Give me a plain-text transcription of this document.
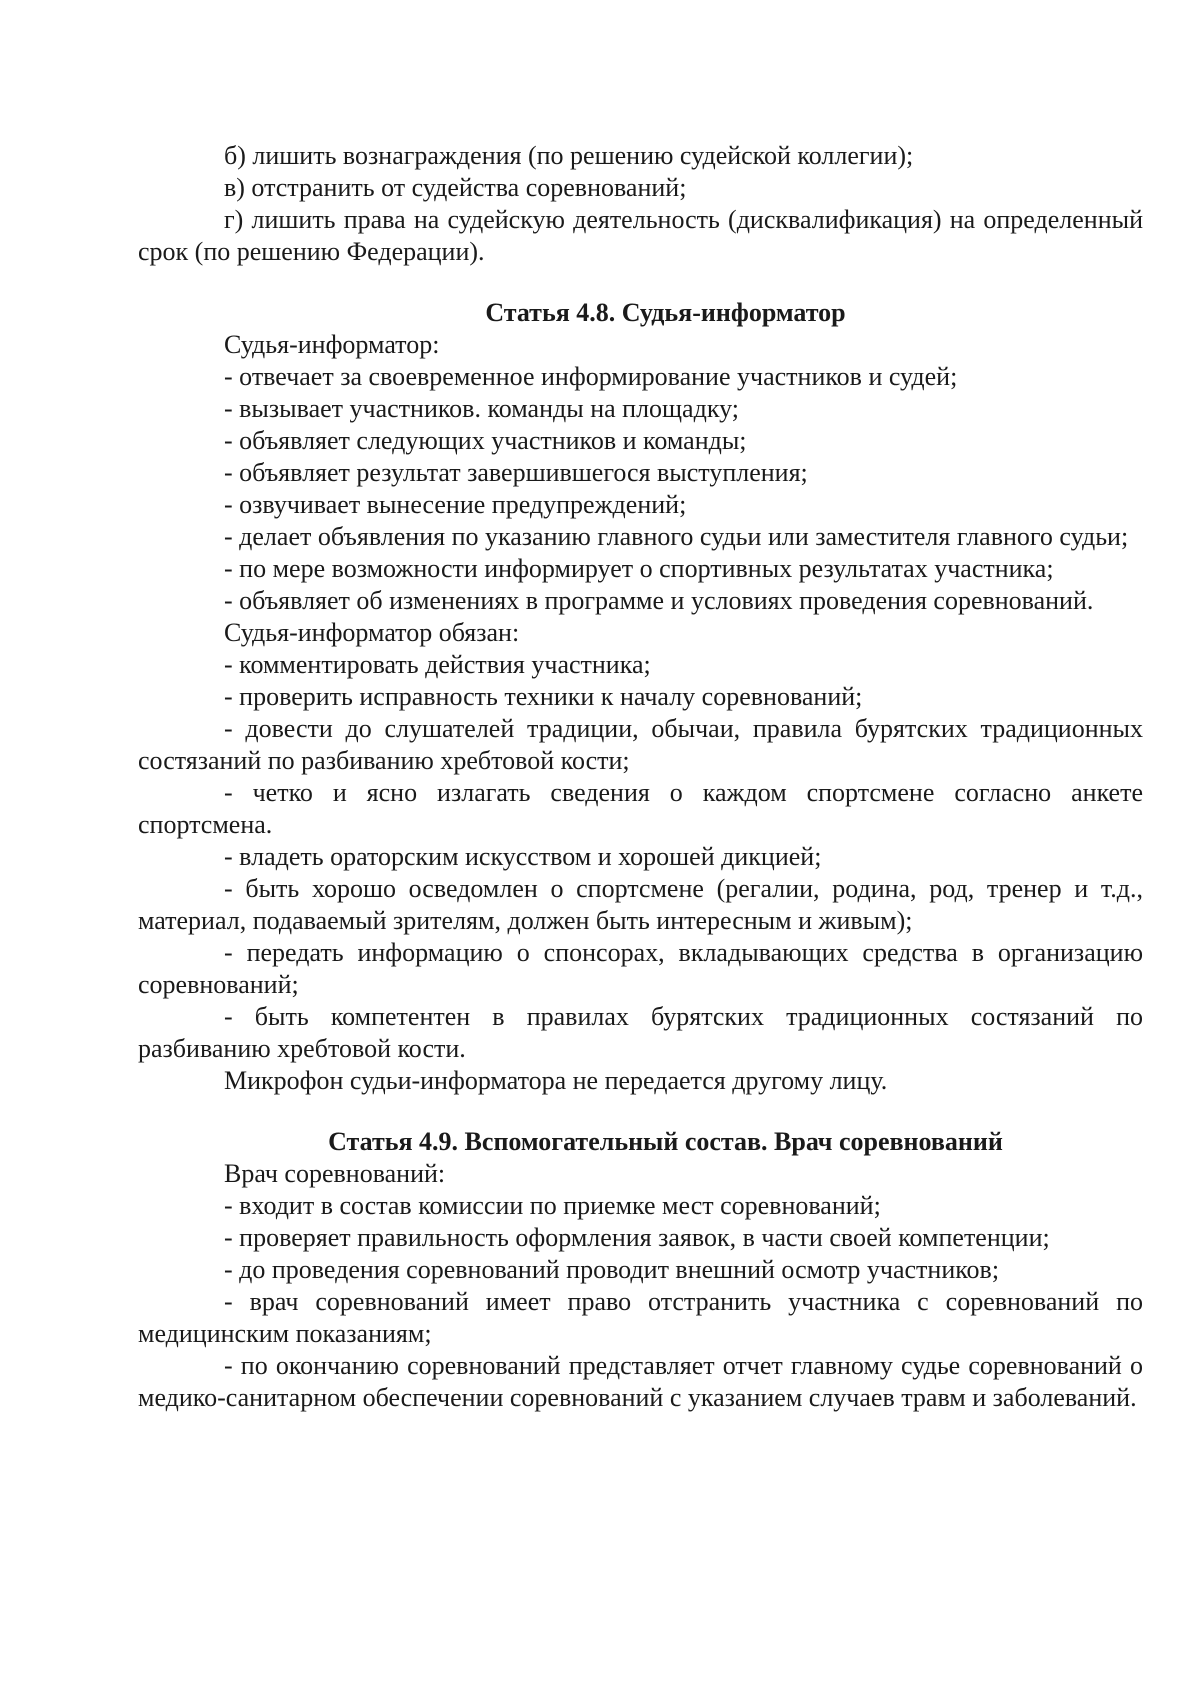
б) лишить вознаграждения (по решению судейской коллегии);

в) отстранить от судейства соревнований;

г) лишить права на судейскую деятельность (дисквалификация) на определенный срок (по решению Федерации).

Статья 4.8. Судья-информатор

Судья-информатор:

- отвечает за своевременное информирование участников и судей;

- вызывает участников. команды на площадку;

- объявляет следующих участников и команды;

- объявляет результат завершившегося выступления;

- озвучивает вынесение предупреждений;

- делает объявления по указанию главного судьи или заместителя главного судьи;

- по мере возможности информирует о спортивных результатах участника;

- объявляет об изменениях в программе и условиях проведения соревнований.

Судья-информатор обязан:

- комментировать действия участника;

- проверить исправность техники к началу соревнований;

- довести до слушателей традиции, обычаи, правила бурятских традиционных состязаний по разбиванию хребтовой кости;

- четко и ясно излагать сведения о каждом спортсмене согласно анкете спортсмена.

- владеть ораторским искусством и хорошей дикцией;

- быть хорошо осведомлен о спортсмене (регалии, родина, род, тренер и т.д., материал, подаваемый зрителям, должен быть интересным и живым);

- передать информацию о спонсорах, вкладывающих средства в организацию соревнований;

- быть компетентен в правилах бурятских традиционных состязаний по разбиванию хребтовой кости.

Микрофон судьи-информатора не передается другому лицу.

Статья 4.9. Вспомогательный состав. Врач соревнований

Врач соревнований:

- входит в состав комиссии по приемке мест соревнований;

- проверяет правильность оформления заявок, в части своей компетенции;

- до проведения соревнований проводит внешний осмотр участников;

- врач соревнований имеет право отстранить участника с соревнований по медицинским показаниям;

- по окончанию соревнований представляет отчет главному судье соревнований о медико-санитарном обеспечении соревнований с указанием случаев травм и заболеваний.
